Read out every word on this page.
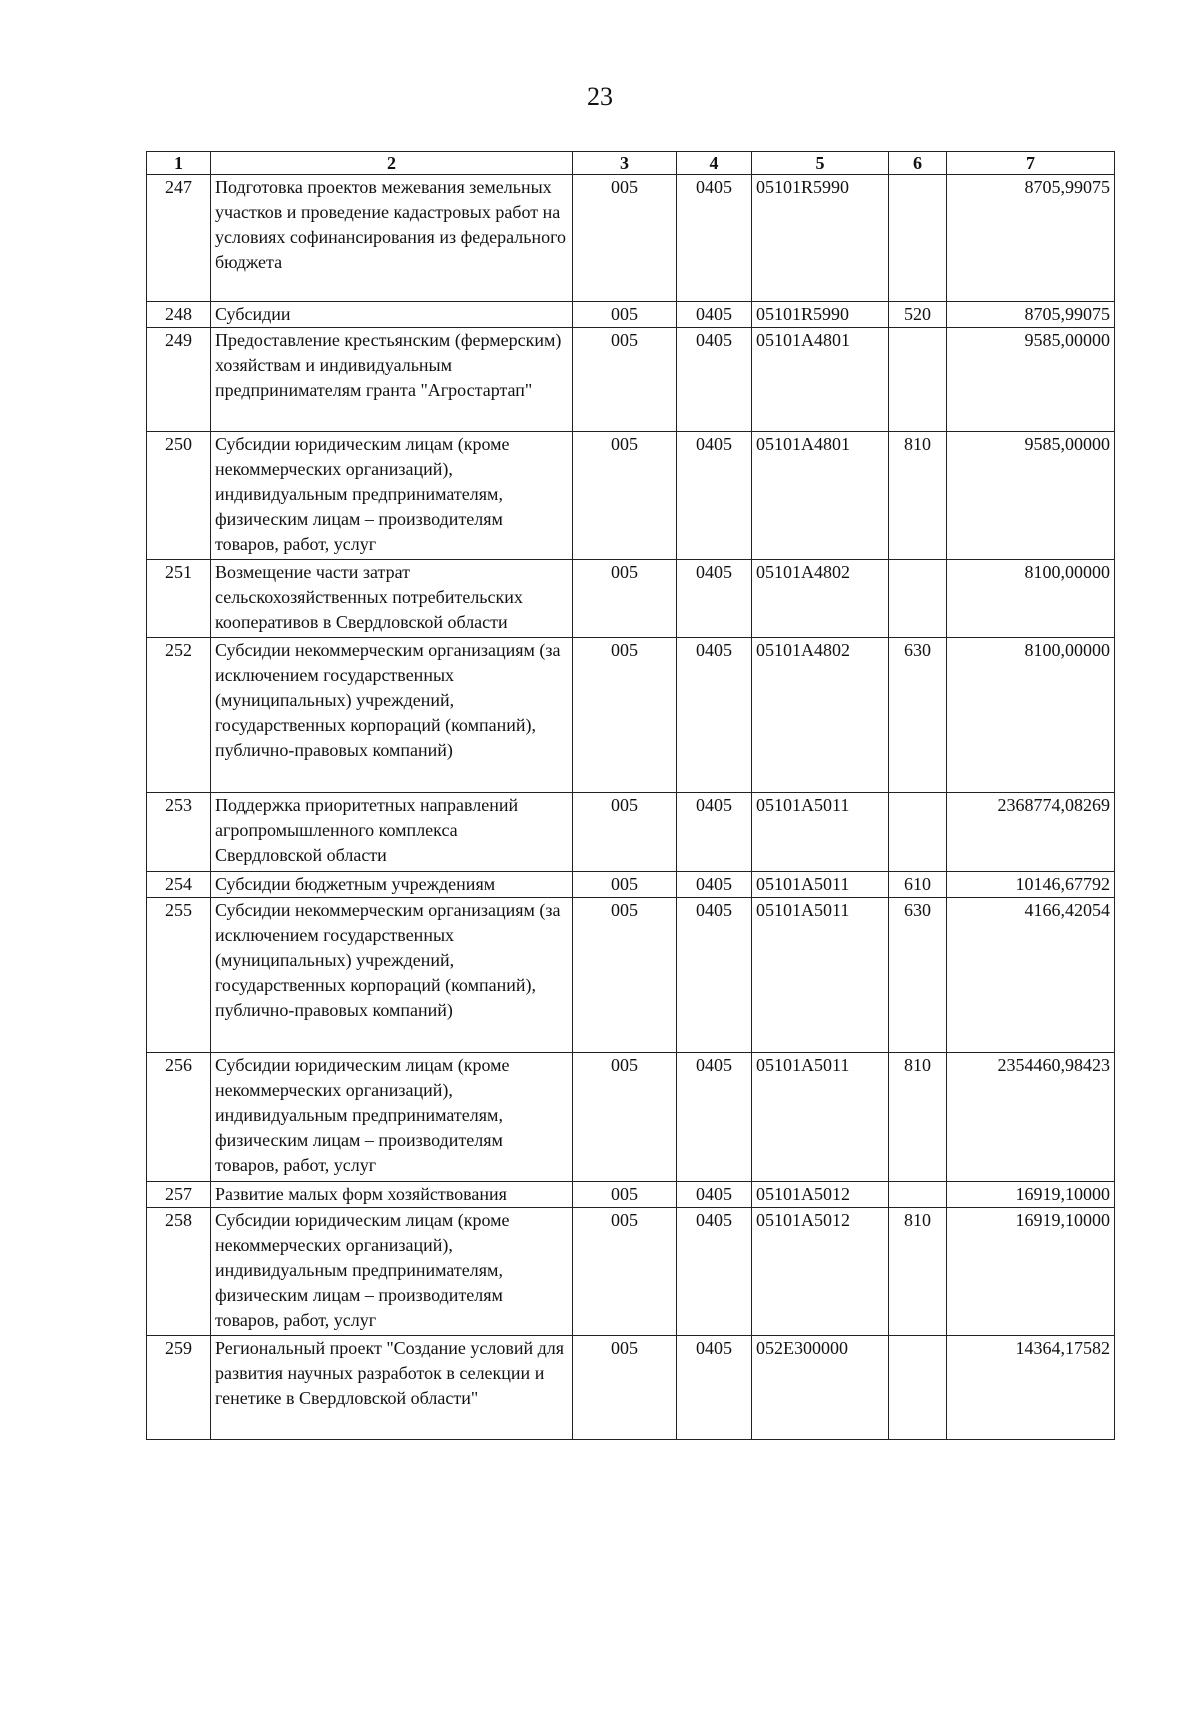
23
1	2	3	4	5	6	7
247	Подготовка проектов межевания земельных участков и проведение кадастровых работ на условиях софинансирования из федерального бюджета	005	0405	05101R5990		8705,99075
248	Субсидии	005	0405	05101R5990	520	8705,99075
249	Предоставление крестьянским (фермерским) хозяйствам и индивидуальным предпринимателям гранта "Агростартап"	005	0405	05101A4801		9585,00000
250	Субсидии юридическим лицам (кроме некоммерческих организаций), индивидуальным предпринимателям, физическим лицам – производителям товаров, работ, услуг	005	0405	05101A4801	810	9585,00000
251	Возмещение части затрат сельскохозяйственных потребительских кооперативов в Свердловской области	005	0405	05101A4802		8100,00000
252	Субсидии некоммерческим организациям (за исключением государственных (муниципальных) учреждений, государственных корпораций (компаний), публично-правовых компаний)	005	0405	05101A4802	630	8100,00000
253	Поддержка приоритетных направлений агропромышленного комплекса Свердловской области	005	0405	05101A5011		2368774,08269
254	Субсидии бюджетным учреждениям	005	0405	05101A5011	610	10146,67792
255	Субсидии некоммерческим организациям (за исключением государственных (муниципальных) учреждений, государственных корпораций (компаний), публично-правовых компаний)	005	0405	05101A5011	630	4166,42054
256	Субсидии юридическим лицам (кроме некоммерческих организаций), индивидуальным предпринимателям, физическим лицам – производителям товаров, работ, услуг	005	0405	05101A5011	810	2354460,98423
257	Развитие малых форм хозяйствования	005	0405	05101A5012		16919,10000
258	Субсидии юридическим лицам (кроме некоммерческих организаций), индивидуальным предпринимателям, физическим лицам – производителям товаров, работ, услуг	005	0405	05101A5012	810	16919,10000
259	Региональный проект "Создание условий для развития научных разработок в селекции и генетике в Свердловской области"	005	0405	052E300000		14364,17582
